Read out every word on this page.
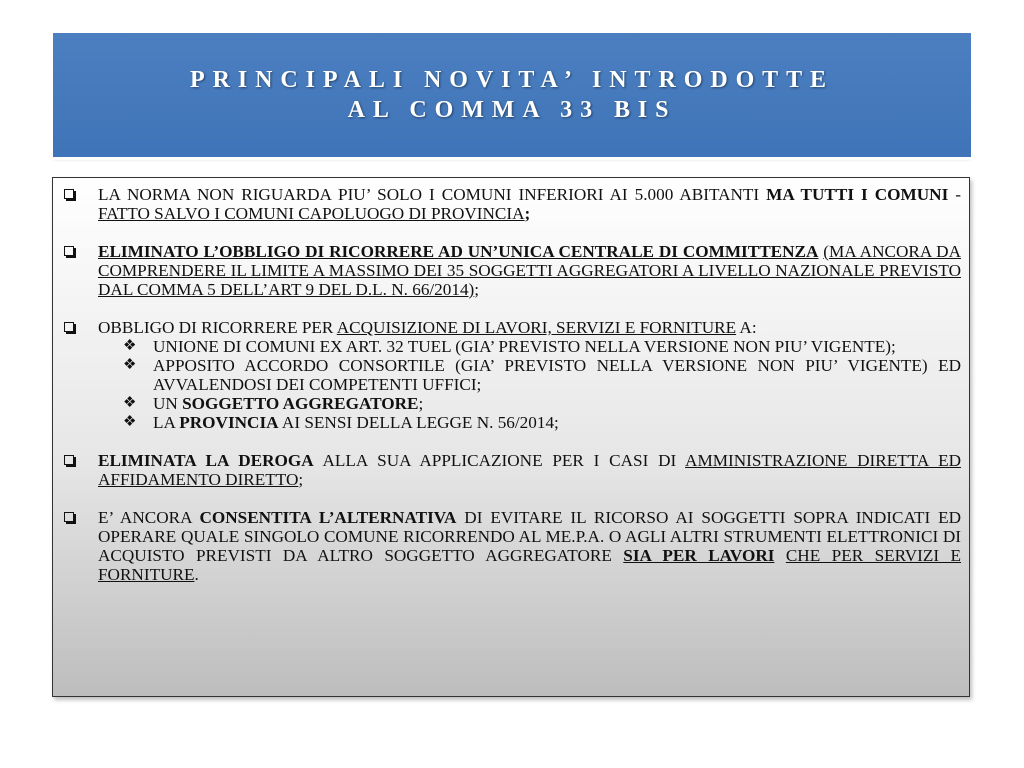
PRINCIPALI NOVITA’ INTRODOTTE
AL COMMA 33 BIS
LA NORMA NON RIGUARDA PIU’ SOLO I COMUNI INFERIORI AI 5.000 ABITANTI MA TUTTI I COMUNI - FATTO SALVO I COMUNI CAPOLUOGO DI PROVINCIA;
ELIMINATO L’OBBLIGO DI RICORRERE AD UN’UNICA CENTRALE DI COMMITTENZA (MA ANCORA DA COMPRENDERE IL LIMITE A MASSIMO DEI 35 SOGGETTI AGGREGATORI A LIVELLO NAZIONALE PREVISTO DAL COMMA 5 DELL’ART 9 DEL D.L. N. 66/2014);
OBBLIGO DI RICORRERE PER ACQUISIZIONE DI LAVORI, SERVIZI E FORNITURE A:
❖ UNIONE DI COMUNI EX ART. 32 TUEL (GIA’ PREVISTO NELLA VERSIONE NON PIU’ VIGENTE);
❖ APPOSITO ACCORDO CONSORTILE (GIA’ PREVISTO NELLA VERSIONE NON PIU’ VIGENTE) ED AVVALENDOSI DEI COMPETENTI UFFICI;
❖ UN SOGGETTO AGGREGATORE;
❖ LA PROVINCIA AI SENSI DELLA LEGGE N. 56/2014;
ELIMINATA LA DEROGA ALLA SUA APPLICAZIONE PER I CASI DI AMMINISTRAZIONE DIRETTA ED AFFIDAMENTO DIRETTO;
E’ ANCORA CONSENTITA L’ALTERNATIVA DI EVITARE IL RICORSO AI SOGGETTI SOPRA INDICATI ED OPERARE QUALE SINGOLO COMUNE RICORRENDO AL ME.P.A. O AGLI ALTRI STRUMENTI ELETTRONICI DI ACQUISTO PREVISTI DA ALTRO SOGGETTO AGGREGATORE SIA PER LAVORI CHE PER SERVIZI E FORNITURE.
